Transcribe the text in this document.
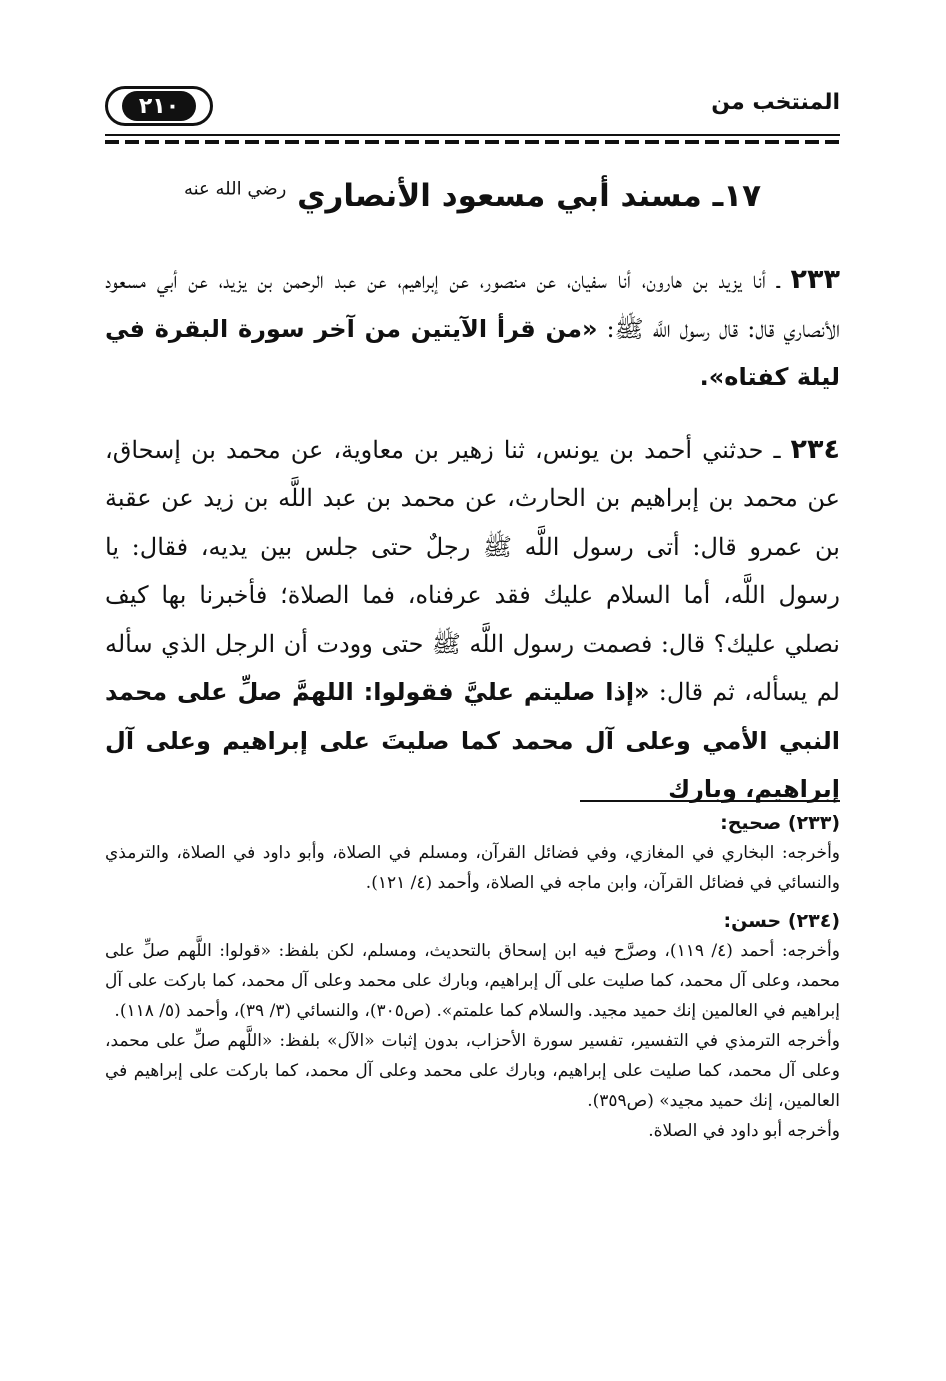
٢١٠	المنتخب من
١٧ـ مسند أبي مسعود الأنصاري $^{رضي الله عنه}$

٢٣٣ ـ أنا يزيد بن هارون، أنا سفيان، عن منصور، عن إبراهيم، عن عبد الرحمن بن يزيد، عن أبي مسعود الأنصاري قال: قال رسول اللَّه ﷺ: «من قرأ الآيتين من آخر سورة البقرة في ليلة كفتاه».

٢٣٤ ـ حدثني أحمد بن يونس، ثنا زهير بن معاوية، عن محمد بن إسحاق، عن محمد بن إبراهيم بن الحارث، عن محمد بن عبد اللَّه بن زيد عن عقبة بن عمرو قال: أتى رسول اللَّه ﷺ رجلٌ حتى جلس بين يديه، فقال: يا رسول اللَّه، أما السلام عليك فقد عرفناه، فما الصلاة؛ فأخبرنا بها كيف نصلي عليك؟ قال: فصمت رسول اللَّه ﷺ حتى وودت أن الرجل الذي سأله لم يسأله، ثم قال: «إذا صليتم عليَّ فقولوا: اللهمَّ صلِّ على محمد النبي الأمي وعلى آل محمد كما صليتَ على إبراهيم وعلى آل إبراهيم، وبارك

(٢٣٣) صحيح:
وأخرجه: البخاري في المغازي، وفي فضائل القرآن، ومسلم في الصلاة، وأبو داود في الصلاة، والترمذي والنسائي في فضائل القرآن، وابن ماجه في الصلاة، وأحمد (٤/ ١٢١).
(٢٣٤) حسن:
وأخرجه: أحمد (٤/ ١١٩)، وصرَّح فيه ابن إسحاق بالتحديث، ومسلم، لكن بلفظ: «قولوا: اللَّهم صلِّ على محمد، وعلى آل محمد، كما صليت على آل إبراهيم، وبارك على محمد وعلى آل محمد، كما باركت على آل إبراهيم في العالمين إنك حميد مجيد. والسلام كما علمتم». (ص٣٠٥)، والنسائي (٣/ ٣٩)، وأحمد (٥/ ١١٨).
وأخرجه الترمذي في التفسير، تفسير سورة الأحزاب، بدون إثبات «الآل» بلفظ: «اللَّهم صلِّ على محمد، وعلى آل محمد، كما صليت على إبراهيم، وبارك على محمد وعلى آل محمد، كما باركت على إبراهيم في العالمين، إنك حميد مجيد» (ص٣٥٩).
وأخرجه أبو داود في الصلاة.
